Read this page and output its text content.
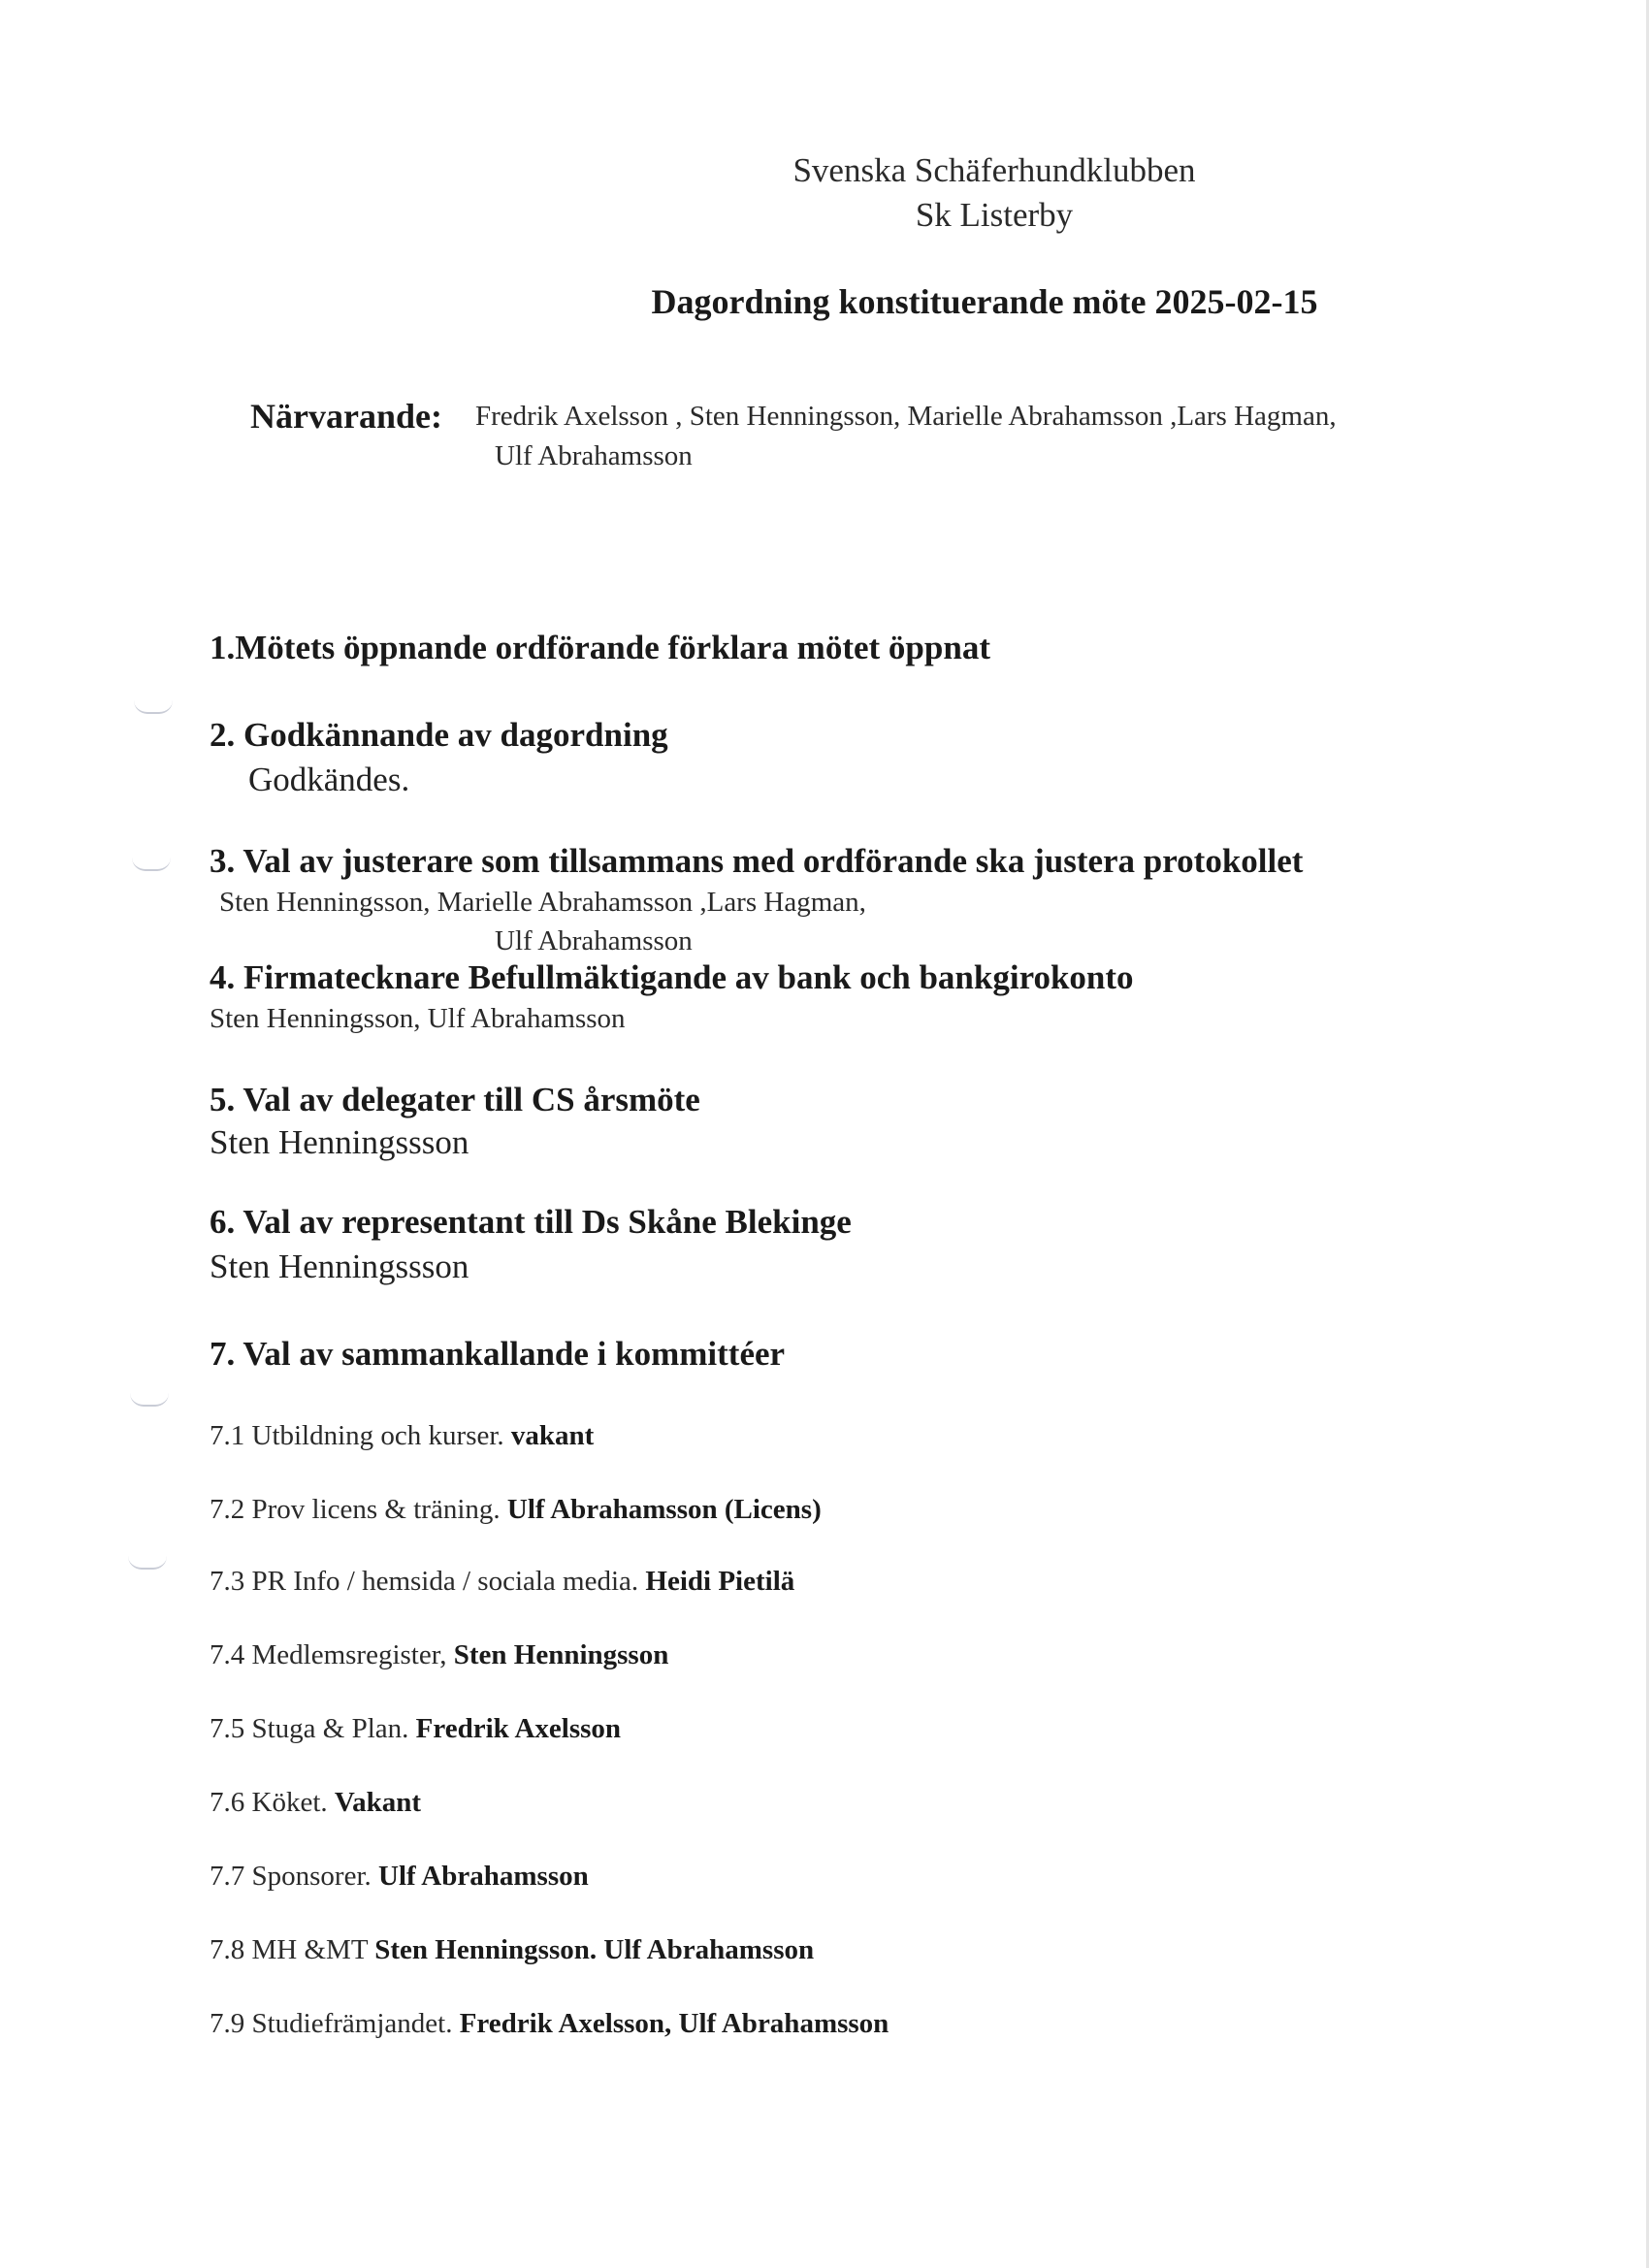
Svenska Schäferhundklubben
Sk Listerby
Dagordning konstituerande möte 2025-02-15
Närvarande: Fredrik Axelsson , Sten Henningsson, Marielle Abrahamsson ,Lars Hagman,
Ulf Abrahamsson
1.Mötets öppnande ordförande förklara mötet öppnat
2. Godkännande av dagordning
Godkändes.
3. Val av justerare som tillsammans med ordförande ska justera protokollet
Sten Henningsson, Marielle Abrahamsson ,Lars Hagman,
Ulf Abrahamsson
4. Firmatecknare Befullmäktigande av bank och bankgirokonto
Sten Henningsson, Ulf Abrahamsson
5. Val av delegater till CS årsmöte
Sten Henningssson
6. Val av representant till Ds Skåne Blekinge
Sten Henningssson
7. Val av sammankallande i kommittéer
7.1 Utbildning och kurser. vakant
7.2 Prov licens & träning. Ulf Abrahamsson (Licens)
7.3 PR Info / hemsida / sociala media. Heidi Pietilä
7.4 Medlemsregister, Sten Henningsson
7.5 Stuga & Plan. Fredrik Axelsson
7.6 Köket. Vakant
7.7 Sponsorer. Ulf Abrahamsson
7.8 MH &MT Sten Henningsson. Ulf Abrahamsson
7.9 Studiefrämjandet. Fredrik Axelsson, Ulf Abrahamsson
